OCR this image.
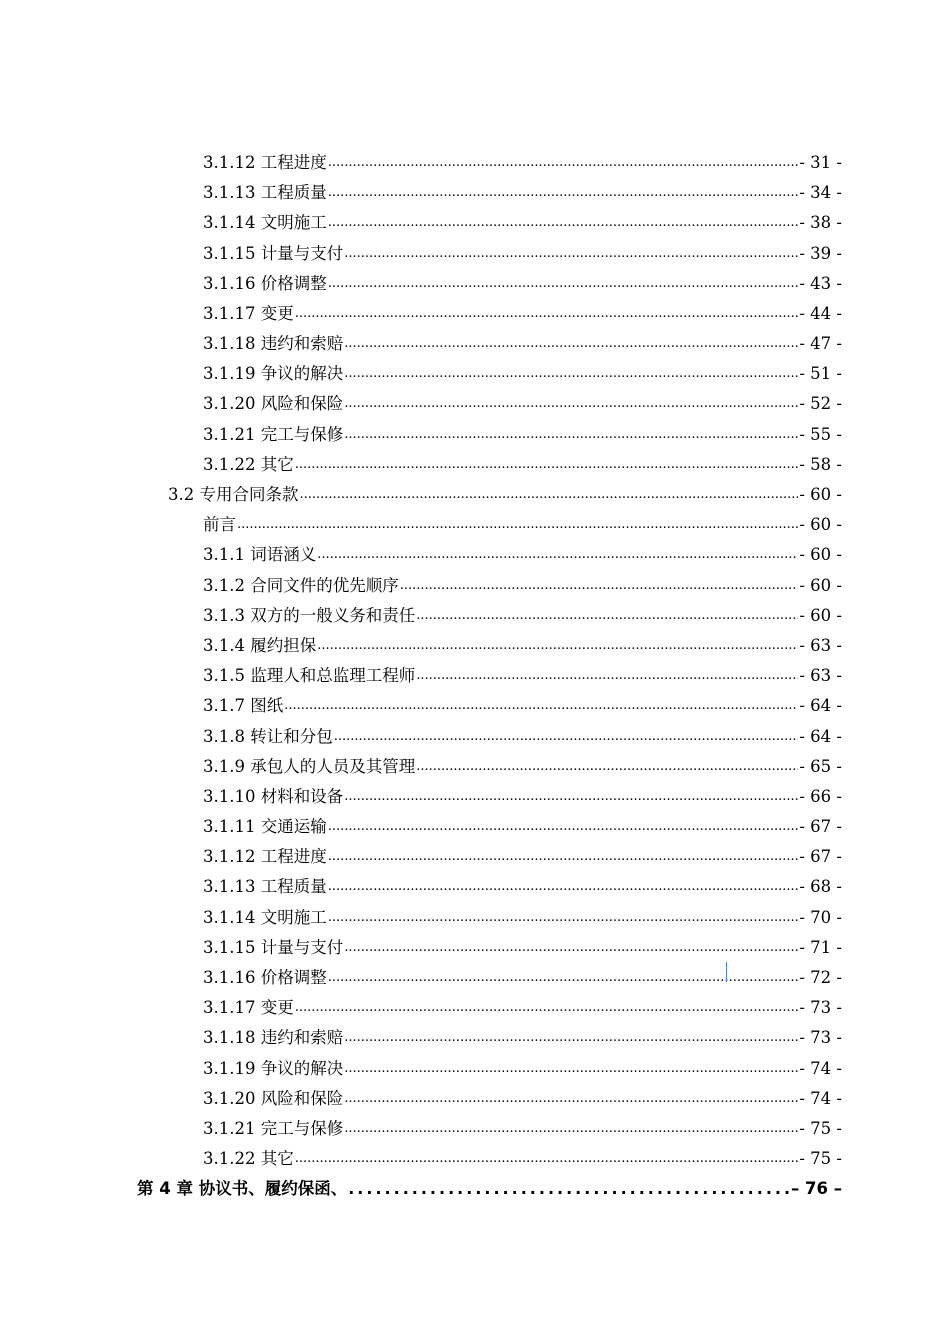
3.1.12 工程进度 .....	- 31 -
3.1.13 工程质量 .....	- 34 -
3.1.14 文明施工 .....	- 38 -
3.1.15 计量与支付 .....	- 39 -
3.1.16 价格调整 .....	- 43 -
3.1.17 变更 .....	- 44 -
3.1.18 违约和索赔 .....	- 47 -
3.1.19 争议的解决 .....	- 51 -
3.1.20 风险和保险 .....	- 52 -
3.1.21 完工与保修 .....	- 55 -
3.1.22 其它 .....	- 58 -
3.2 专用合同条款 .....	- 60 -
前言 .....	- 60 -
3.1.1 词语涵义 .....	- 60 -
3.1.2 合同文件的优先顺序 .....	- 60 -
3.1.3 双方的一般义务和责任 .....	- 60 -
3.1.4 履约担保 .....	- 63 -
3.1.5 监理人和总监理工程师 .....	- 63 -
3.1.7 图纸 .....	- 64 -
3.1.8 转让和分包 .....	- 64 -
3.1.9 承包人的人员及其管理 .....	- 65 -
3.1.10 材料和设备 .....	- 66 -
3.1.11 交通运输 .....	- 67 -
3.1.12 工程进度 .....	- 67 -
3.1.13 工程质量 .....	- 68 -
3.1.14 文明施工 .....	- 70 -
3.1.15 计量与支付 .....	- 71 -
3.1.16 价格调整 .....	- 72 -
3.1.17 变更 .....	- 73 -
3.1.18 违约和索赔 .....	- 73 -
3.1.19 争议的解决 .....	- 74 -
3.1.20 风险和保险 .....	- 74 -
3.1.21 完工与保修 .....	- 75 -
3.1.22 其它 .....	- 75 -
第 4 章 协议书、履约保函、 .....	– 76 –
